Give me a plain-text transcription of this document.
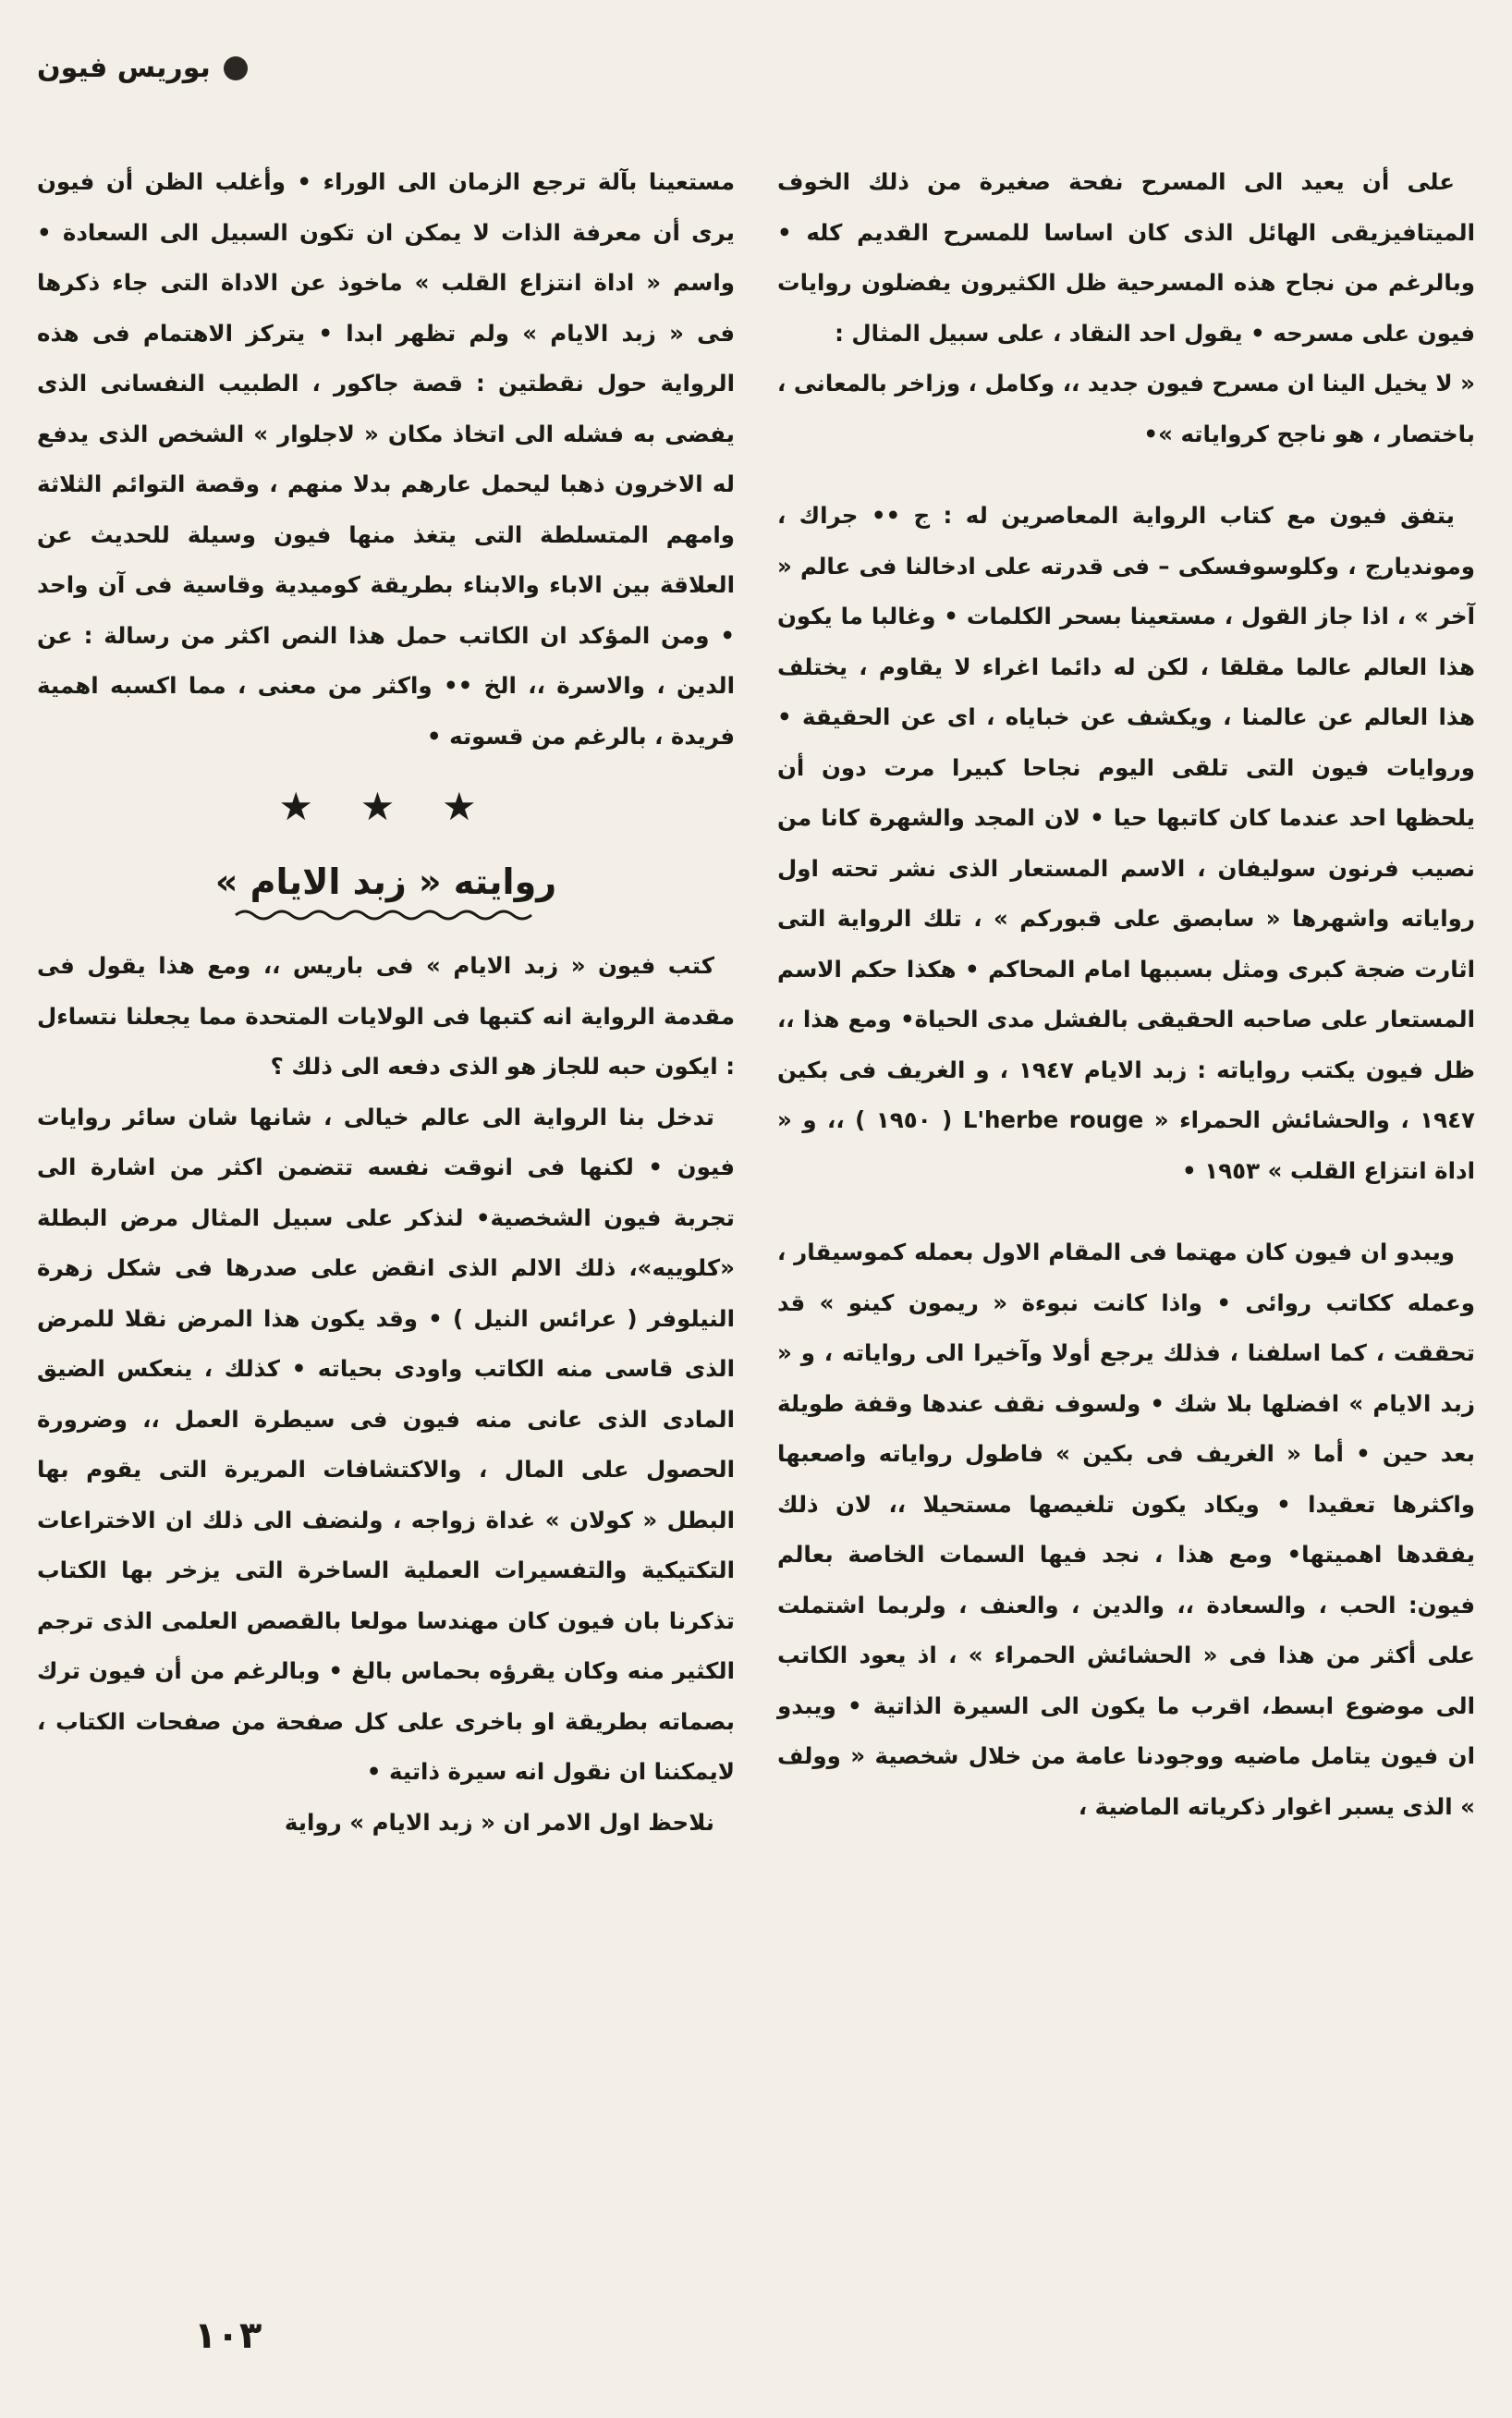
بوريس فيون

على أن يعيد الى المسرح نفحة صغيرة من ذلك الخوف الميتافيزيقى الهائل الذى كان اساسا للمسرح القديم كله • وبالرغم من نجاح هذه المسرحية ظل الكثيرون يفضلون روايات فيون على مسرحه • يقول احد النقاد ، على سبيل المثال :

« لا يخيل الينا ان مسرح فيون جديد ،، وكامل ، وزاخر بالمعانى ، باختصار ، هو ناجح كرواياته »•

يتفق فيون مع كتاب الرواية المعاصرين له : ج •• جراك ، ومونديارج ، وكلوسوفسكى – فى قدرته على ادخالنا فى عالم « آخر » ، اذا جاز القول ، مستعينا بسحر الكلمات • وغالبا ما يكون هذا العالم عالما مقلقا ، لكن له دائما اغراء لا يقاوم ، يختلف هذا العالم عن عالمنا ، ويكشف عن خباياه ، اى عن الحقيقة • وروايات فيون التى تلقى اليوم نجاحا كبيرا مرت دون أن يلحظها احد عندما كان كاتبها حيا • لان المجد والشهرة كانا من نصيب فرنون سوليفان ، الاسم المستعار الذى نشر تحته اول رواياته واشهرها « سابصق على قبوركم » ، تلك الرواية التى اثارت ضجة كبرى ومثل بسببها امام المحاكم • هكذا حكم الاسم المستعار على صاحبه الحقيقى بالفشل مدى الحياة• ومع هذا ،، ظل فيون يكتب رواياته : زبد الايام ١٩٤٧ ، و الغريف فى بكين ١٩٤٧ ، والحشائش الحمراء « L'herbe rouge ( ١٩٥٠ ) ،، و « اداة انتزاع القلب » ١٩٥٣ •

ويبدو ان فيون كان مهتما فى المقام الاول بعمله كموسيقار ، وعمله ككاتب روائى • واذا كانت نبوءة « ريمون كينو » قد تحققت ، كما اسلفنا ، فذلك يرجع أولا وآخيرا الى رواياته ، و « زبد الايام » افضلها بلا شك • ولسوف نقف عندها وقفة طويلة بعد حين • أما « الغريف فى بكين » فاطول رواياته واصعبها واكثرها تعقيدا • ويكاد يكون تلغيصها مستحيلا ،، لان ذلك يفقدها اهميتها• ومع هذا ، نجد فيها السمات الخاصة بعالم فيون: الحب ، والسعادة ،، والدين ، والعنف ، ولربما اشتملت على أكثر من هذا فى « الحشائش الحمراء » ، اذ يعود الكاتب الى موضوع ابسط، اقرب ما يكون الى السيرة الذاتية • ويبدو ان فيون يتامل ماضيه ووجودنا عامة من خلال شخصية « وولف » الذى يسبر اغوار ذكرياته الماضية ،

مستعينا بآلة ترجع الزمان الى الوراء • وأغلب الظن أن فيون يرى أن معرفة الذات لا يمكن ان تكون السبيل الى السعادة • واسم « اداة انتزاع القلب » ماخوذ عن الاداة التى جاء ذكرها فى « زبد الايام » ولم تظهر ابدا • يتركز الاهتمام فى هذه الرواية حول نقطتين : قصة جاكور ، الطبيب النفسانى الذى يفضى به فشله الى اتخاذ مكان « لاجلوار » الشخص الذى يدفع له الاخرون ذهبا ليحمل عارهم بدلا منهم ، وقصة التوائم الثلاثة وامهم المتسلطة التى يتغذ منها فيون وسيلة للحديث عن العلاقة بين الاباء والابناء بطريقة كوميدية وقاسية فى آن واحد • ومن المؤكد ان الكاتب حمل هذا النص اكثر من رسالة : عن الدين ، والاسرة ،، الخ •• واكثر من معنى ، مما اكسبه اهمية فريدة ، بالرغم من قسوته •

★ ★ ★
روايته « زبد الايام »

كتب فيون « زبد الايام » فى باريس ،، ومع هذا يقول فى مقدمة الرواية انه كتبها فى الولايات المتحدة مما يجعلنا نتساءل : ايكون حبه للجاز هو الذى دفعه الى ذلك ؟

تدخل بنا الرواية الى عالم خيالى ، شانها شان سائر روايات فيون • لكنها فى انوقت نفسه تتضمن اكثر من اشارة الى تجربة فيون الشخصية• لنذكر على سبيل المثال مرض البطلة «كلوييه»، ذلك الالم الذى انقض على صدرها فى شكل زهرة النيلوفر ( عرائس النيل ) • وقد يكون هذا المرض نقلا للمرض الذى قاسى منه الكاتب واودى بحياته • كذلك ، ينعكس الضيق المادى الذى عانى منه فيون فى سيطرة العمل ،، وضرورة الحصول على المال ، والاكتشافات المريرة التى يقوم بها البطل « كولان » غداة زواجه ، ولنضف الى ذلك ان الاختراعات التكتيكية والتفسيرات العملية الساخرة التى يزخر بها الكتاب تذكرنا بان فيون كان مهندسا مولعا بالقصص العلمى الذى ترجم الكثير منه وكان يقرؤه بحماس بالغ • وبالرغم من أن فيون ترك بصماته بطريقة او باخرى على كل صفحة من صفحات الكتاب ، لايمكننا ان نقول انه سيرة ذاتية •

نلاحظ اول الامر ان « زبد الايام » رواية

١٠٣
